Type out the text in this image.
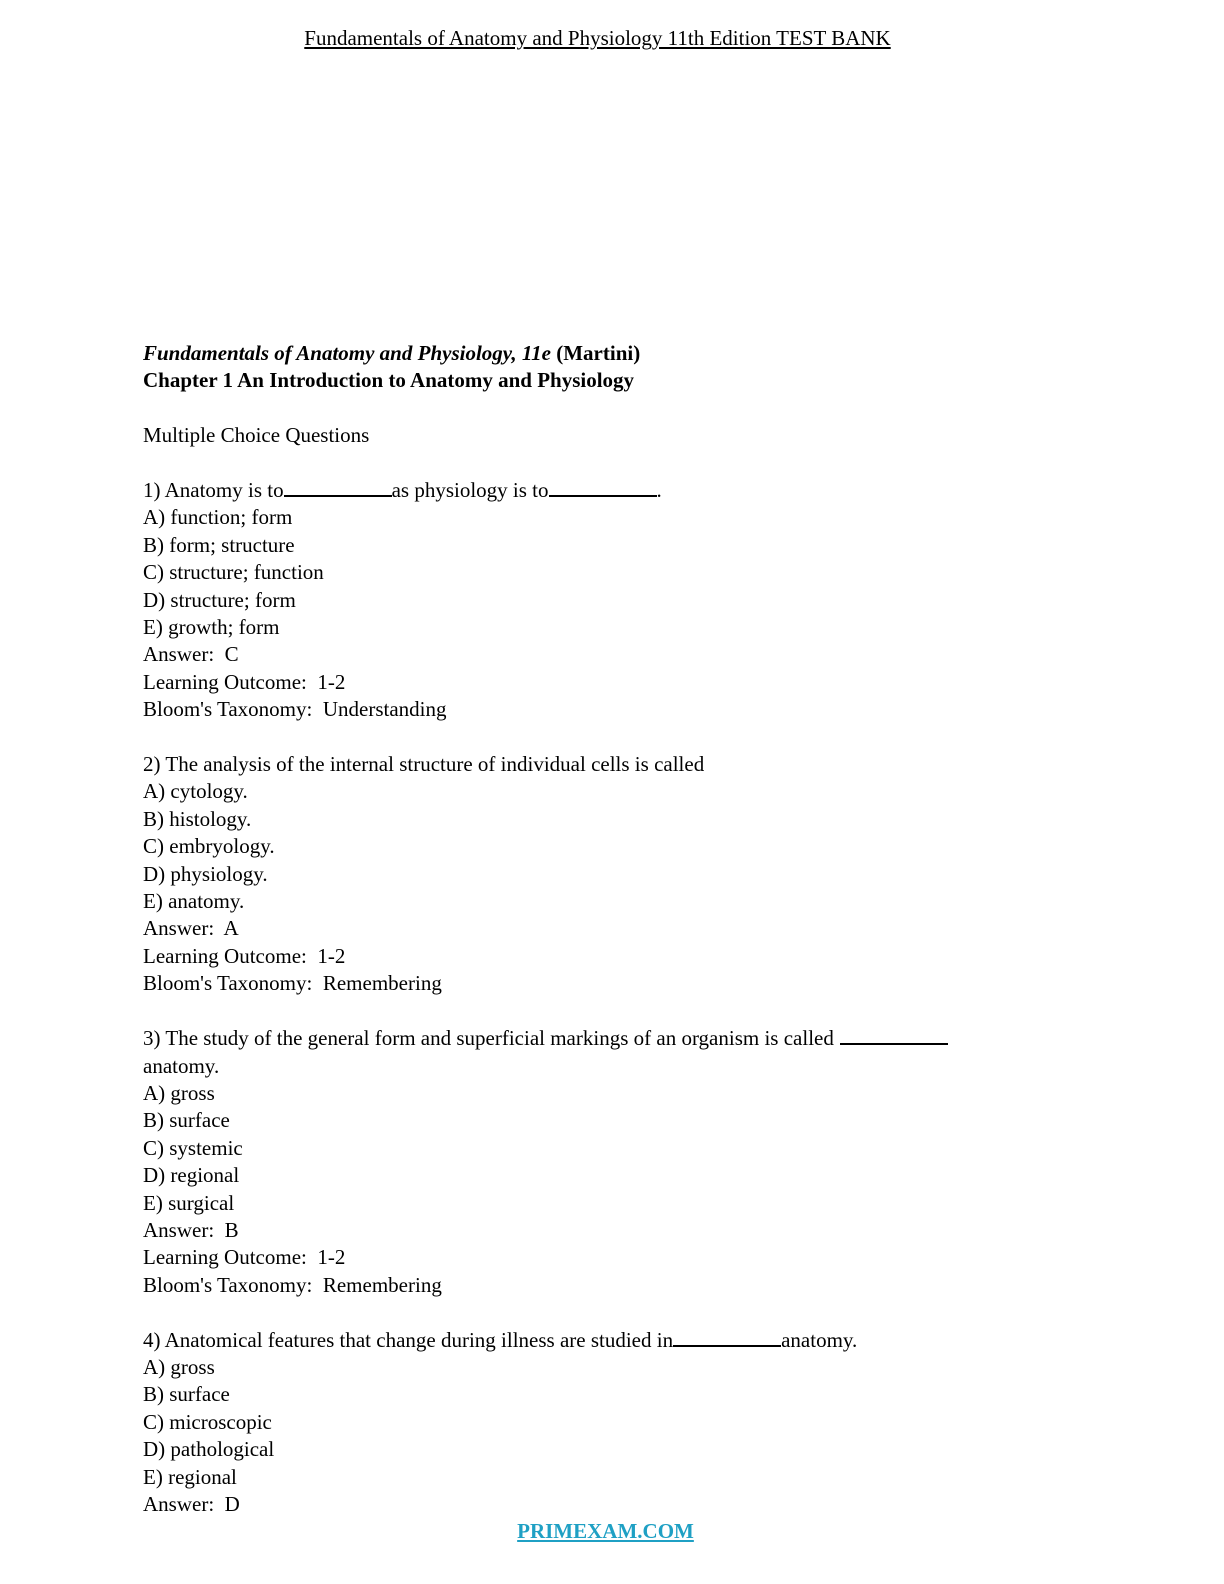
Fundamentals of Anatomy and Physiology 11th Edition TEST BANK
Fundamentals of Anatomy and Physiology, 11e (Martini)
Chapter 1 An Introduction to Anatomy and Physiology
Multiple Choice Questions
1) Anatomy is to	as physiology is to	.
A) function; form
B) form; structure
C) structure; function
D) structure; form
E) growth; form
Answer:  C
Learning Outcome:  1-2
Bloom's Taxonomy:  Understanding
2) The analysis of the internal structure of individual cells is called
A) cytology.
B) histology.
C) embryology.
D) physiology.
E) anatomy.
Answer:  A
Learning Outcome:  1-2
Bloom's Taxonomy:  Remembering
3) The study of the general form and superficial markings of an organism is called
anatomy.
A) gross
B) surface
C) systemic
D) regional
E) surgical
Answer:  B
Learning Outcome:  1-2
Bloom's Taxonomy:  Remembering
4) Anatomical features that change during illness are studied in	anatomy.
A) gross
B) surface
C) microscopic
D) pathological
E) regional
Answer:  D
PRIMEXAM.COM
